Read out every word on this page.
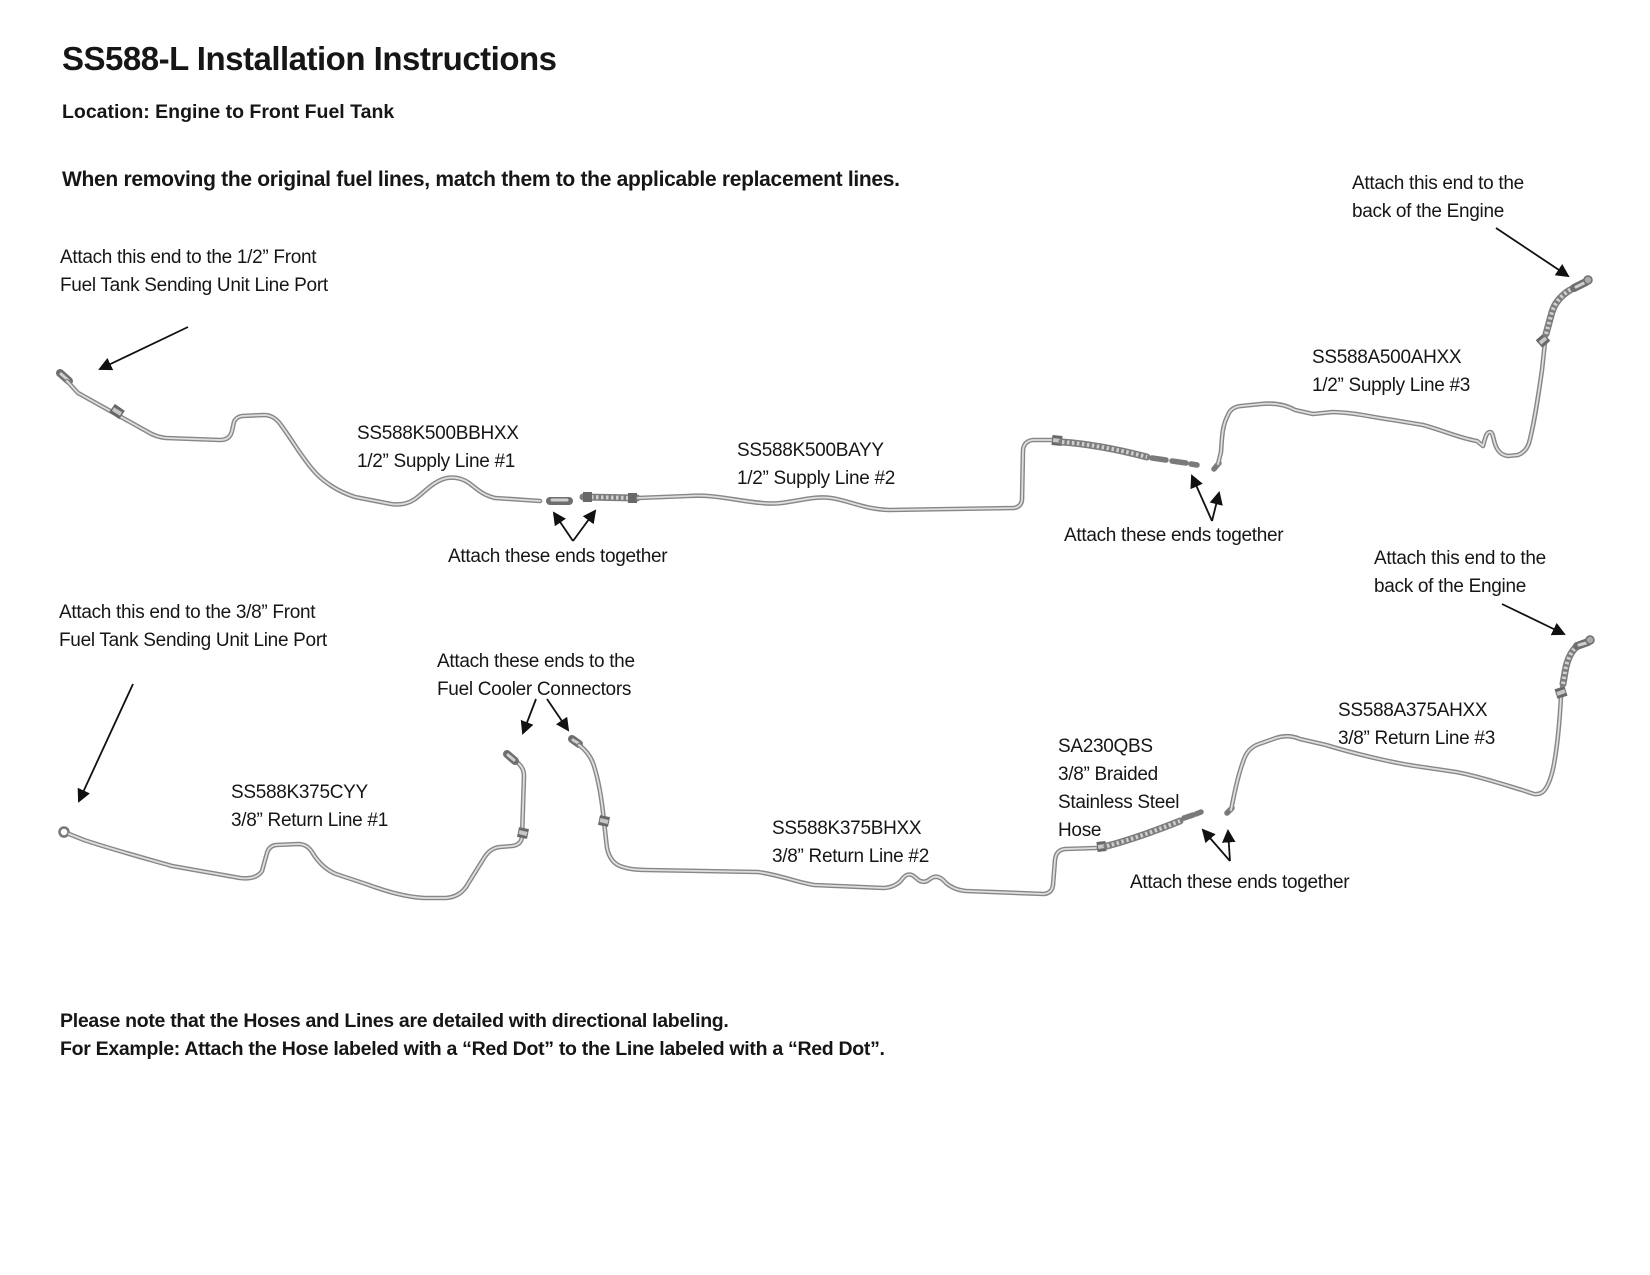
SS588-L Installation Instructions
Location: Engine to Front Fuel Tank
When removing the original fuel lines, match them to the applicable replacement lines.
Attach this end to the 1/2” Front
Fuel Tank Sending Unit Line Port
Attach this end to the
back of the Engine
Attach these ends together
Attach these ends together
Attach this end to the 3/8” Front
Fuel Tank Sending Unit Line Port
Attach these ends to the
Fuel Cooler Connectors
Attach these ends together
Attach this end to the
back of the Engine
SS588K500BBHXX
1/2” Supply Line #1
SS588K500BAYY
1/2” Supply Line #2
SS588A500AHXX
1/2” Supply Line #3
SS588K375CYY
3/8” Return Line #1	SS588K375BHXX
3/8” Return Line #2
SA230QBS
3/8” Braided
Stainless Steel
Hose
SS588A375AHXX
3/8” Return Line #3
Please note that the Hoses and Lines are detailed with directional labeling.
For Example: Attach the Hose labeled with a “Red Dot” to the Line labeled with a “Red Dot”.
